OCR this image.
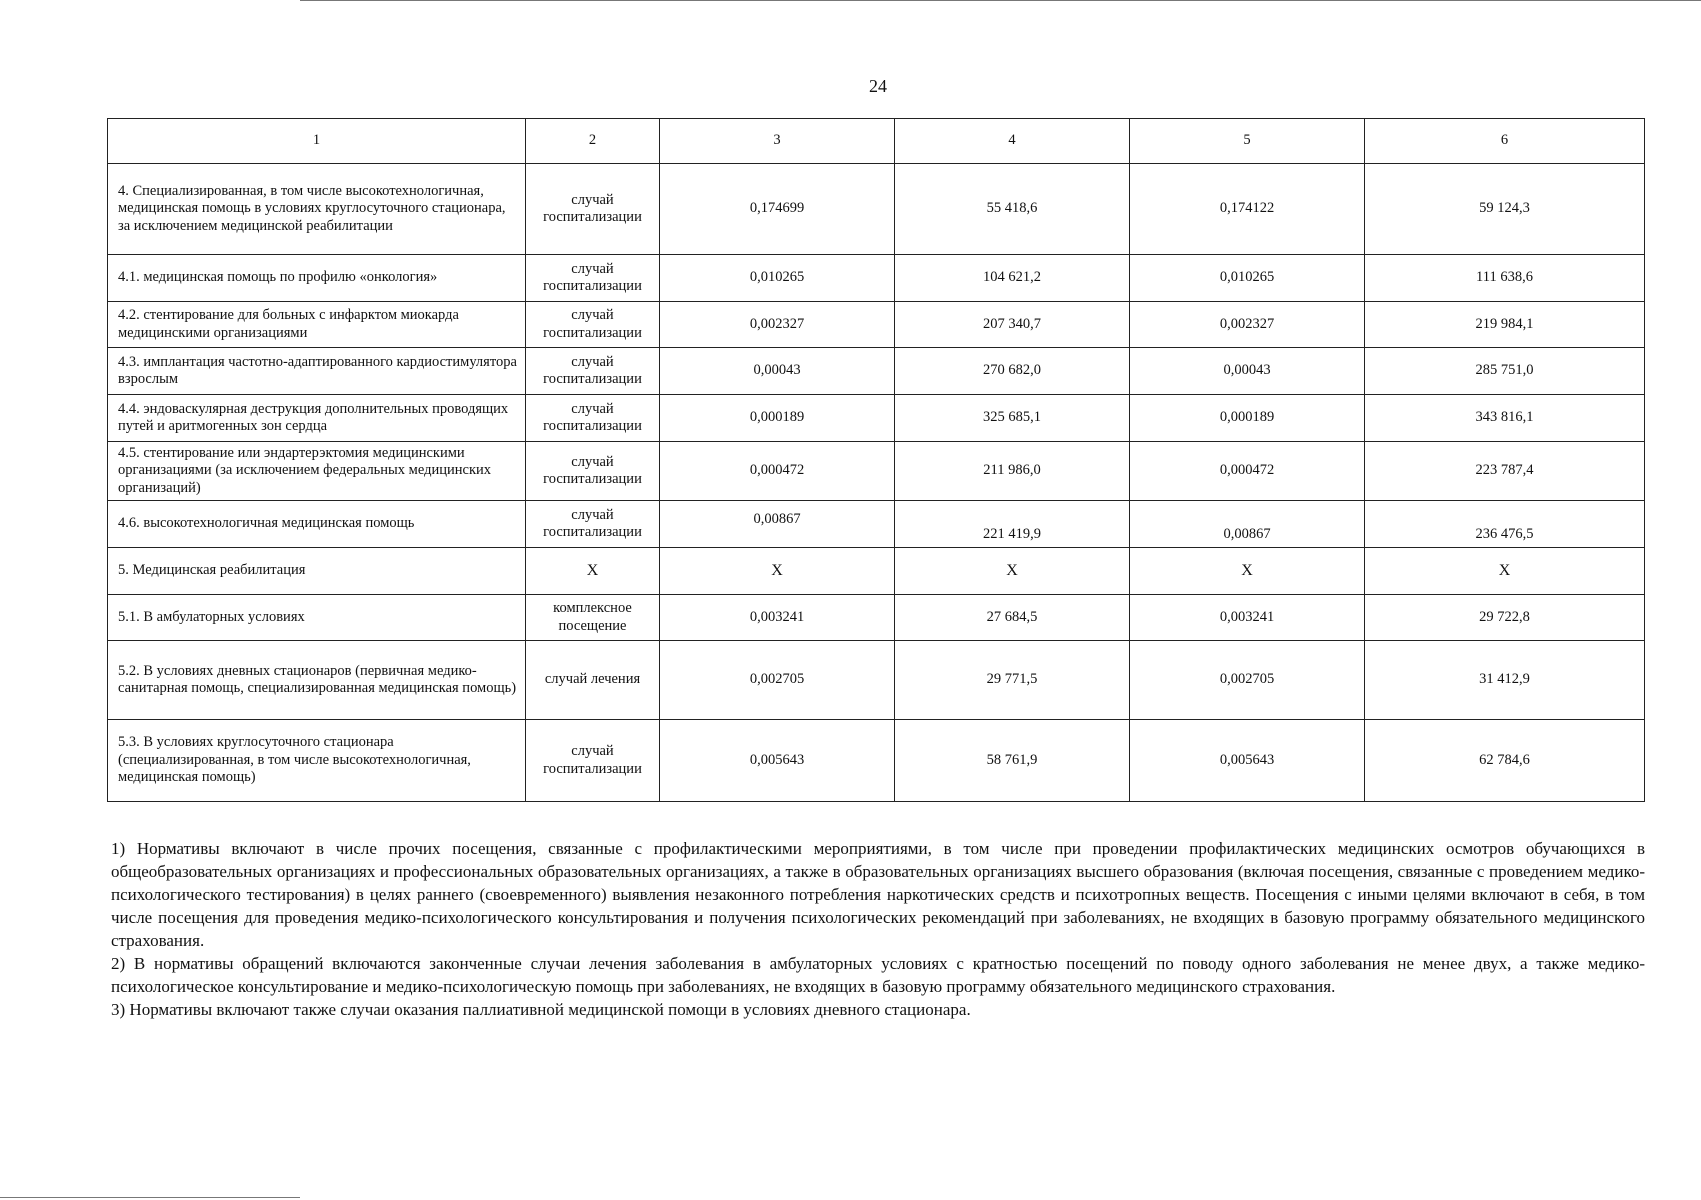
24
1	2	3	4	5	6
4. Специализированная, в том числе высокотехнологичная, медицинская помощь в условиях круглосуточного стационара, за исключением медицинской реабилитации	случай госпитализации	0,174699	55 418,6	0,174122	59 124,3
4.1. медицинская помощь по профилю «онкология»	случай госпитализации	0,010265	104 621,2	0,010265	111 638,6
4.2. стентирование для больных с инфарктом миокарда медицинскими организациями	случай госпитализации	0,002327	207 340,7	0,002327	219 984,1
4.3. имплантация частотно-адаптированного кардиостимулятора взрослым	случай госпитализации	0,00043	270 682,0	0,00043	285 751,0
4.4. эндоваскулярная деструкция дополнительных проводящих путей и аритмогенных зон сердца	случай госпитализации	0,000189	325 685,1	0,000189	343 816,1
4.5. стентирование или эндартерэктомия медицинскими организациями (за исключением федеральных медицинских организаций)	случай госпитализации	0,000472	211 986,0	0,000472	223 787,4
4.6. высокотехнологичная медицинская помощь	случай госпитализации	0,00867	221 419,9	0,00867	236 476,5
5. Медицинская реабилитация	Х	Х	Х	Х	Х
5.1. В амбулаторных условиях	комплексное посещение	0,003241	27 684,5	0,003241	29 722,8
5.2. В условиях дневных стационаров (первичная медико-санитарная помощь, специализированная медицинская помощь)	случай лечения	0,002705	29 771,5	0,002705	31 412,9
5.3. В условиях круглосуточного стационара (специализированная, в том числе высокотехнологичная, медицинская помощь)	случай госпитализации	0,005643	58 761,9	0,005643	62 784,6

1) Нормативы включают в числе прочих посещения, связанные с профилактическими мероприятиями, в том числе при проведении профилактических медицинских осмотров обучающихся в общеобразовательных организациях и профессиональных образовательных организациях, а также в образовательных организациях высшего образования (включая посещения, связанные с проведением медико-психологического тестирования) в целях раннего (своевременного) выявления незаконного потребления наркотических средств и психотропных веществ. Посещения с иными целями включают в себя, в том числе посещения для проведения медико-психологического консультирования и получения психологических рекомендаций при заболеваниях, не входящих в базовую программу обязательного медицинского страхования.

2) В нормативы обращений включаются законченные случаи лечения заболевания в амбулаторных условиях с кратностью посещений по поводу одного заболевания не менее двух, а также медико-психологическое консультирование и медико-психологическую помощь при заболеваниях, не входящих в базовую программу обязательного медицинского страхования.

3) Нормативы включают также случаи оказания паллиативной медицинской помощи в условиях дневного стационара.
